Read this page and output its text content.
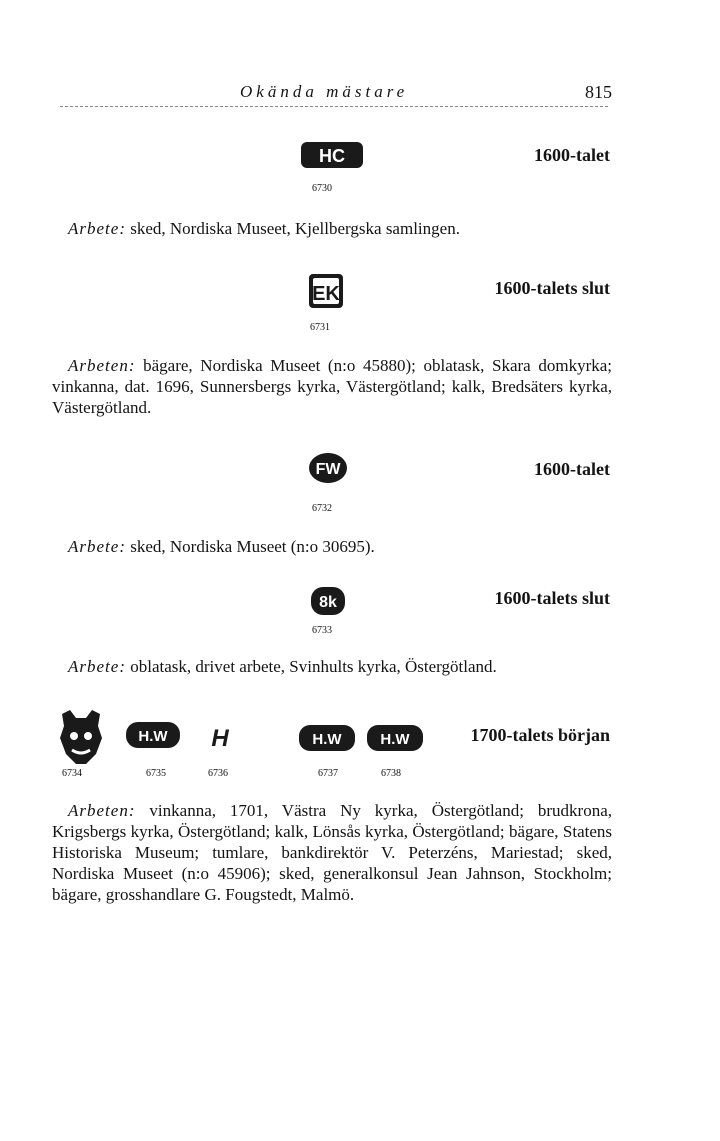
Okända mästare	815
HC
6730
1600-talet
Arbete: sked, Nordiska Museet, Kjellbergska samlingen.
EK
6731
1600-talets slut
Arbeten: bägare, Nordiska Museet (n:o 45880); oblatask, Skara domkyrka; vinkanna, dat. 1696, Sunnersbergs kyrka, Västergötland; kalk, Bredsäters kyrka, Västergötland.
FW
6732
1600-talet
Arbete: sked, Nordiska Museet (n:o 30695).
8k
6733
1600-talets slut
Arbete: oblatask, drivet arbete, Svinhults kyrka, Östergötland.
6734
H.W
6735
H
6736
H.W
6737
H.W
6738
1700-talets början
Arbeten: vinkanna, 1701, Västra Ny kyrka, Östergötland; brudkrona, Krigsbergs kyrka, Östergötland; kalk, Lönsås kyrka, Östergötland; bägare, Statens Historiska Museum; tumlare, bankdirektör V. Peterzéns, Mariestad; sked, Nordiska Museet (n:o 45906); sked, generalkonsul Jean Jahnson, Stockholm; bägare, grosshandlare G. Fougstedt, Malmö.
